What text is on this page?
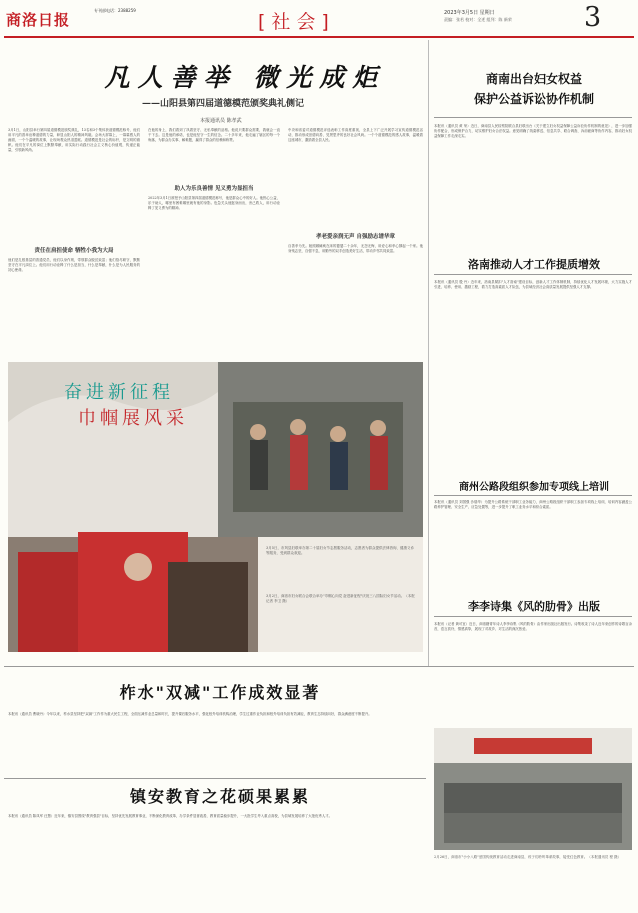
商洛日报
专刊部电话：2388259
[社会]	2023年3月5日 星期日
责编：张若 校对：全述 组列：陈 新荣	3
凡人善举 微光成炬
——山阳县第四届道德模范颁奖典礼侧记
本报通讯员 陈孝武
3月1日，山阳县举行第四届道德模范颁奖典礼，13名和3个集体获道德模范称号，他们用平凡的善举诠释道德的力量，彰显山阳人的精神风貌。会场大屏幕上，一幕幕感人的画面，一个个温暖的故事，让现场观众热泪盈眶。道德模范是社会的标杆，是文明的旗帜。他们在平凡的岗位上默默奉献，用实际行动践行社会主义核心价值观，传递正能量，引领新风尚。
责任在肩担使命 牺牲小我为大局
他们是扎根基层的普通党员，他们以身作则，带领群众脱贫致富；他们恪尽职守，默默坚守在平凡岗位上。他们用行动诠释了什么是担当，什么是奉献，什么是为人民服务的初心使命。
在他的身上，我们看到了执着坚守、无私奉献的品格。他说只要群众需要，我就会一直干下去。这是他的承诺，也是他坚守一生的信念。二十多年来，他走遍了辖区的每一个角落，为群众办实事、解难题，赢得了群众的信赖和称赞。
助人为乐良善情 见义勇为显担当
2022年3月1日被授予山阳县第四届道德模范称号，他是群众心中的好人。他热心公益，乐于助人，哪里有困难哪里就有他的身影。危急关头他挺身而出，舍己救人，用行动诠释了见义勇为的精神。
中央和省委对道德模范评选表彰工作高度重视，全县上下广泛开展学习宣传道德模范活动，推动形成崇德向善、见贤思齐的良好社会风尚。一个个道德模范的感人故事，温暖着这座城市，激励着全县人民。
孝老爱亲润无声 自强励志谱华章
百善孝为先。她照顾瘫痪在床的婆婆二十余年，无怨无悔，用爱心和孝心撑起一个家。他身残志坚，自强不息，用勤劳的双手创造美好生活，带动乡邻共同致富。
奋进新征程
巾帼展风采
3月5日，市风县妇联举办第二十届妇女节志愿服务活动，志愿者为群众提供法律咨询、健康义诊等服务，受到群众欢迎。
3月2日，商洛市妇女联合会联合举办"巾帼心向党 奋进新征程"庆祝三八国际妇女节活动。（本报记者 李卫 摄）
商南出台妇女权益
保护公益诉讼协作机制
本报讯（通讯员 黄 荣）近日，商南县人民检察院联合县妇联出台《关于建立妇女权益保障公益诉讼协作机制的意见》，进一步加强协作配合，形成保护合力，切实维护妇女合法权益。意见明确了线索移送、信息共享、联合调查、诉前磋商等协作内容，推动妇女权益保障工作走深走实。
洛南推动人才工作提质增效
本报讯（通讯员 殷 丹）近年来，洛南县紧扣"人才洛南"建设目标，创新人才工作体制机制，持续优化人才发展环境，大力实施人才引进、培养、使用、激励工程，着力打造高素质人才队伍，为县域经济社会高质量发展提供坚强人才支撑。
商州公路段组织参加专项线上培训
本报讯（通讯员 刘国强 沙瑞华）为提升公路系统干部职工业务能力，商州公路段组织干部职工参加专项线上培训，培训内容涵盖公路养护管理、安全生产、应急处置等，进一步提升了职工业务水平和综合素质。
李李诗集《风的肋骨》出版
本报讯（记者 黄可宜）近日，商洛籍青年诗人李李诗集《风的肋骨》由作家出版社出版发行。诗集收录了诗人近年来创作的诗歌百余首，语言质朴，情感真挚，展现了对故乡、对生活的深沉热爱。
2月26日，商洛市"小小八路"爱国传统教育活动走进商南县，孩子们聆听革命故事，接受红色教育。（本报通讯员 程 摄）
柞水"双减"工作成效显著
本报讯（通讯员 曹晓丹）今年以来，柞水县坚持把"双减"工作作为重大民生工程，全面压减作业总量和时长，提升课后服务水平，强化校外培训机构治理，学生过重作业负担和校外培训负担有效减轻，教育生态持续向好，群众满意度不断提升。
镇安教育之花硕果累累
本报讯（通讯员 陈凤军 汪慧）近年来，镇安县围绕"教育强县"目标，坚持优先发展教育事业，不断深化教育改革，办学条件显著改善，教育质量稳步提升，一大批学生考入重点高校，为县域发展培养了大批优秀人才。
